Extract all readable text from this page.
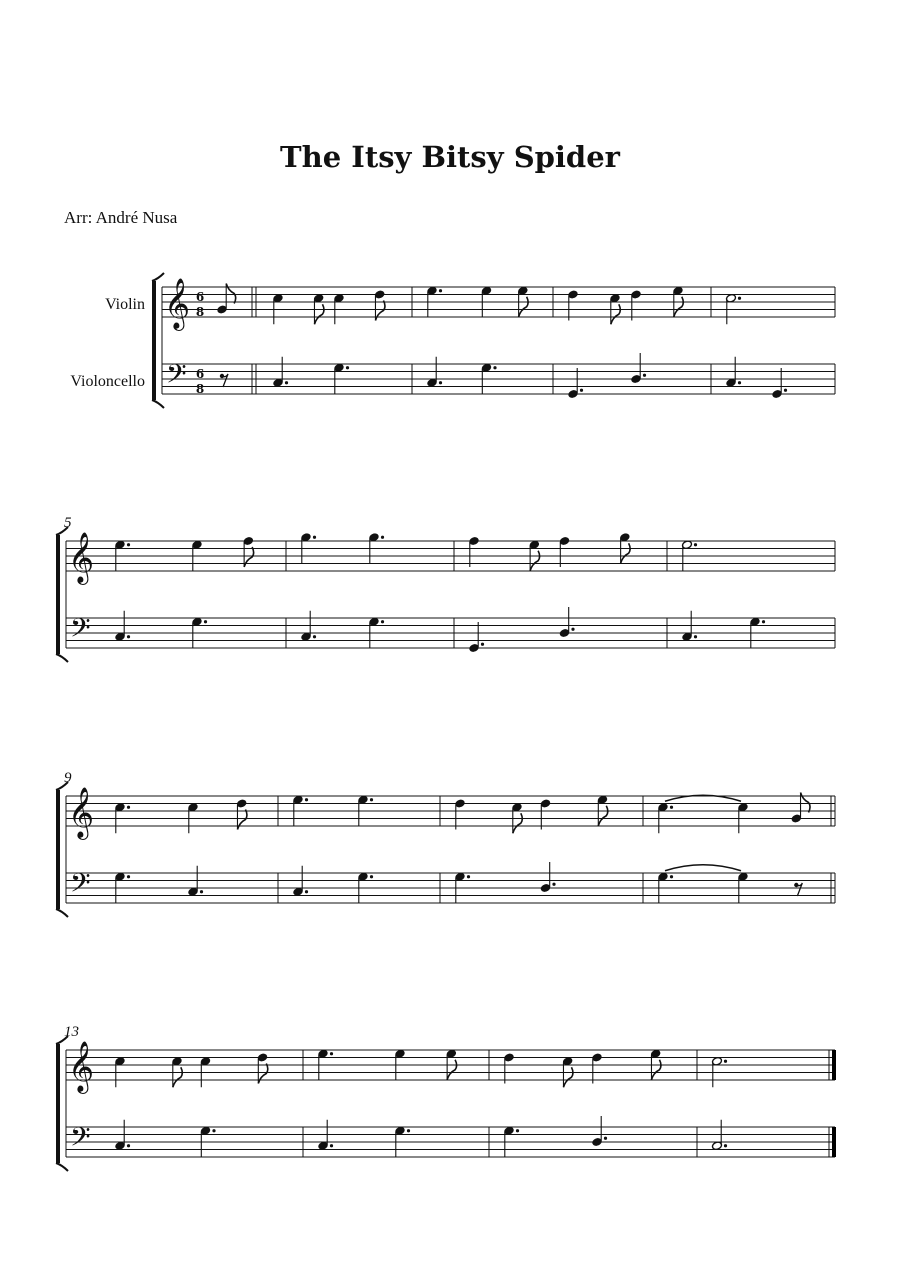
The Itsy Bitsy Spider
Arr: André Nusa
Violin
Violoncello
𝄞
𝄢
6
8
6
8
𝄞
𝄢
5
𝄞
𝄢
9
𝄞
𝄢
13
